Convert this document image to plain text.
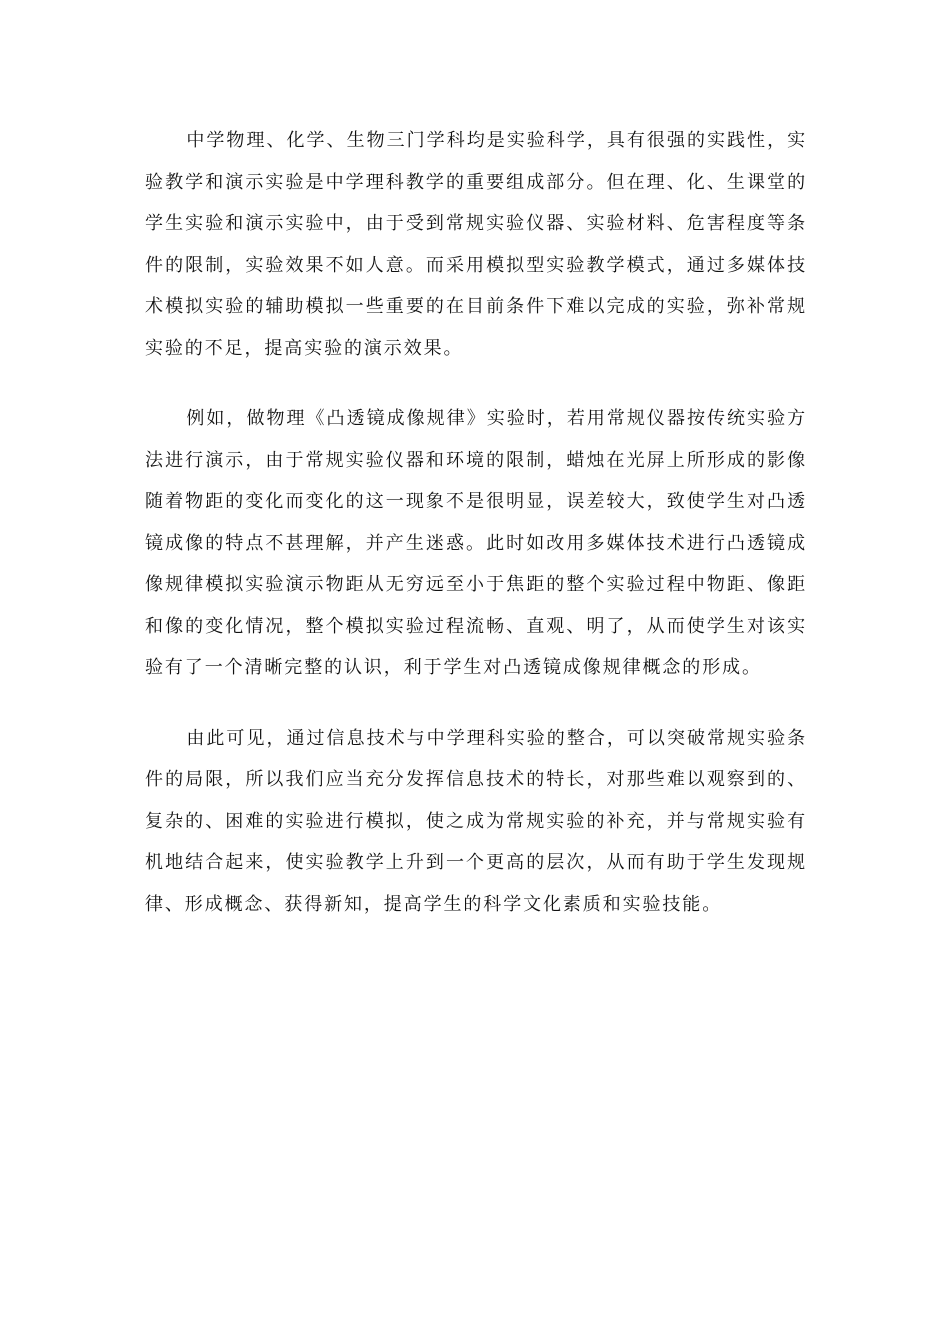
中学物理、化学、生物三门学科均是实验科学，具有很强的实践性，实验教学和演示实验是中学理科教学的重要组成部分。但在理、化、生课堂的学生实验和演示实验中，由于受到常规实验仪器、实验材料、危害程度等条件的限制，实验效果不如人意。而采用模拟型实验教学模式，通过多媒体技术模拟实验的辅助模拟一些重要的在目前条件下难以完成的实验，弥补常规实验的不足，提高实验的演示效果。

例如，做物理《凸透镜成像规律》实验时，若用常规仪器按传统实验方法进行演示，由于常规实验仪器和环境的限制，蜡烛在光屏上所形成的影像随着物距的变化而变化的这一现象不是很明显，误差较大，致使学生对凸透镜成像的特点不甚理解，并产生迷惑。此时如改用多媒体技术进行凸透镜成像规律模拟实验演示物距从无穷远至小于焦距的整个实验过程中物距、像距和像的变化情况，整个模拟实验过程流畅、直观、明了，从而使学生对该实验有了一个清晰完整的认识，利于学生对凸透镜成像规律概念的形成。

由此可见，通过信息技术与中学理科实验的整合，可以突破常规实验条件的局限，所以我们应当充分发挥信息技术的特长，对那些难以观察到的、复杂的、困难的实验进行模拟，使之成为常规实验的补充，并与常规实验有机地结合起来，使实验教学上升到一个更高的层次，从而有助于学生发现规律、形成概念、获得新知，提高学生的科学文化素质和实验技能。
